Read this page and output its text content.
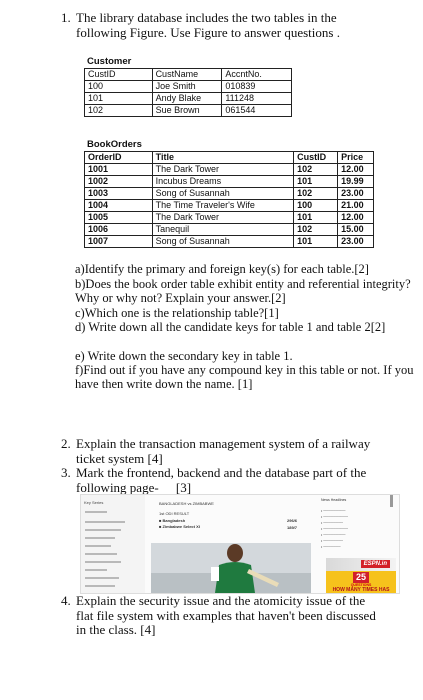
1. The library database includes the two tables in the following Figure. Use Figure to answer questions .
Customer
CustID	CustName	AccntNo.
100	Joe Smith	010839
101	Andy Blake	111248
102	Sue Brown	061544
BookOrders
OrderID	Title	CustID	Price
1001	The Dark Tower	102	12.00
1002	Incubus Dreams	101	19.99
1003	Song of Susannah	102	23.00
1004	The Time Traveler's Wife	100	21.00
1005	The Dark Tower	101	12.00
1006	Tanequil	102	15.00
1007	Song of Susannah	101	23.00
a)Identify the primary and foreign key(s) for each table.[2]
b)Does the book order table exhibit entity and referential integrity? Why or why not? Explain your answer.[2]
c)Which one is the relationship table?[1]
d) Write down all the candidate keys for table 1 and table 2[2]
e) Write down the secondary key in table 1.
f)Find out if you have any compound key in this table or not. If you have then write down the name. [1]
2. Explain the transaction management system of a railway ticket system [4]
3. Mark the frontend, backend and the database part of the following page- [3]
Key Series	BANGLADESH vs ZIMBABWE
1st ODI RESULT
■ Bangladesh	296/6
■ Zimbabwe Select XI	189/7
News Headlines
• ─────────
• ──────────
• ────────
• ──────────
• ─────────
• ────────
• ───────
ESPN.in
25
QUESTIONS
HOW MANY TIMES HAS
4. Explain the security issue and the atomicity issue of the flat file system with examples that haven't been discussed in the class. [4]
